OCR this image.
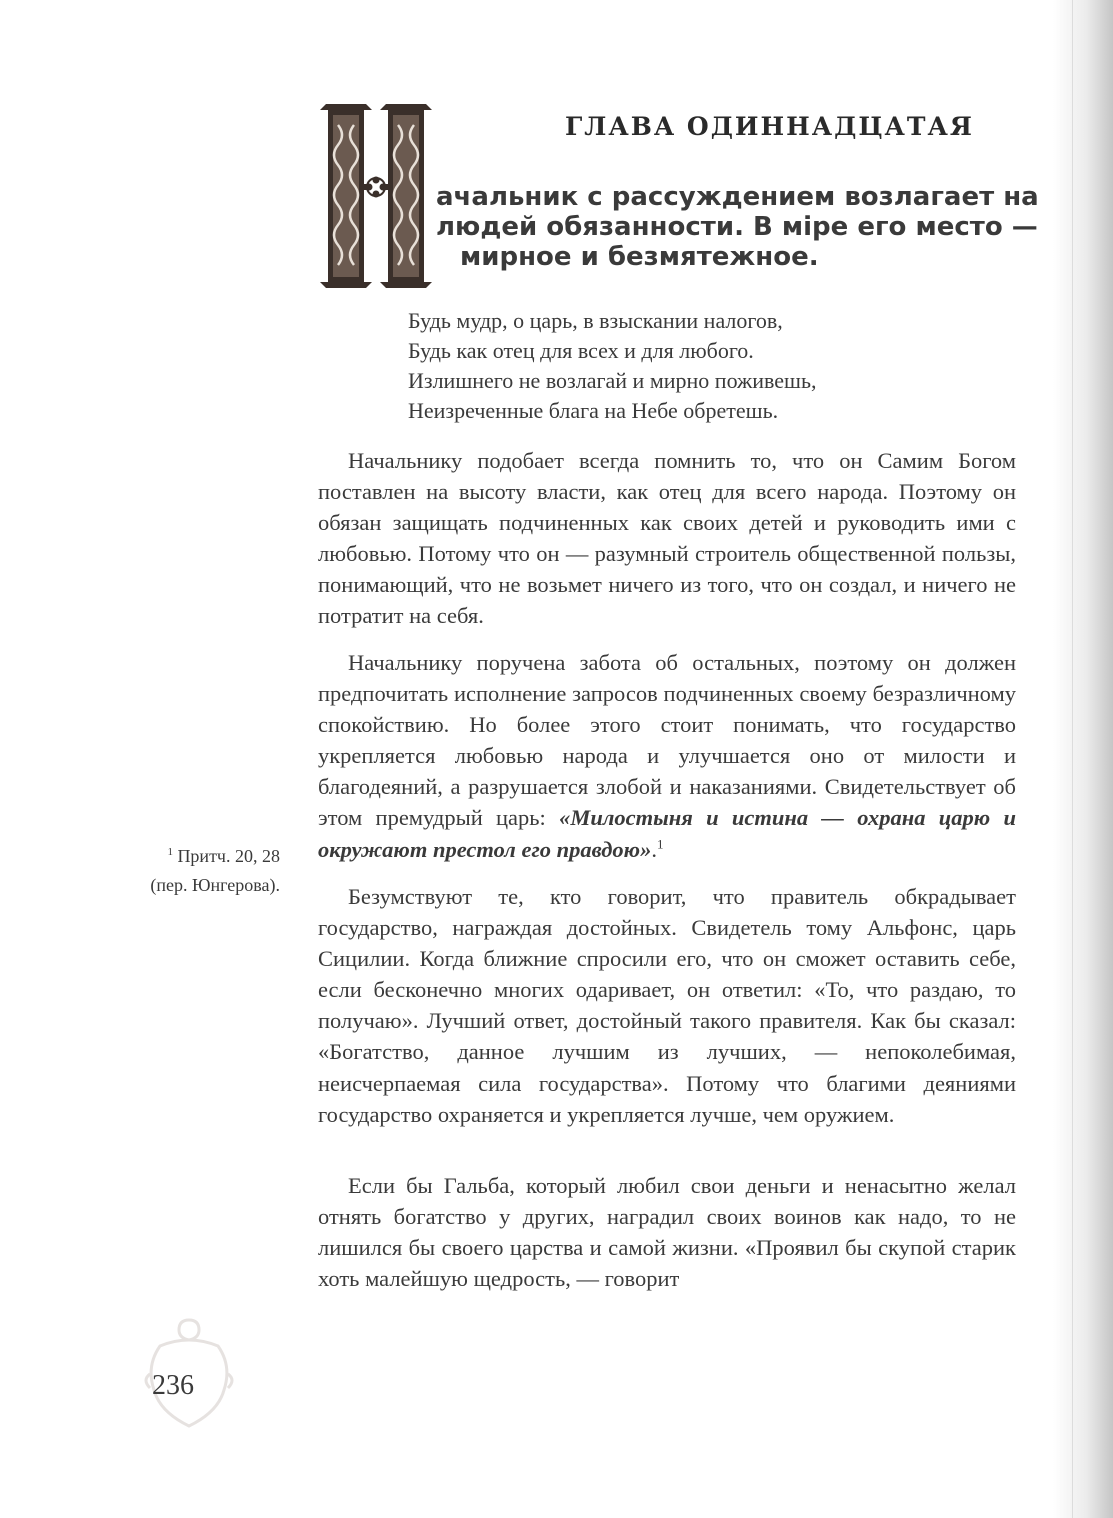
ГЛАВА ОДИННАДЦАТАЯ
ачальник с рассуждением возлагает на
людей обязанности. В міре его место —
мирное и безмятежное.
Будь мудр, о царь, в взыскании налогов,
Будь как отец для всех и для любого.
Излишнего не возлагай и мирно поживешь,
Неизреченные блага на Небе обретешь.
Начальнику подобает всегда помнить то, что он Самим Богом поставлен на высоту власти, как отец для всего народа. Поэтому он обязан защищать подчиненных как своих детей и руководить ими с любовью. Потому что он — разумный строитель общественной пользы, понимающий, что не возьмет ничего из того, что он создал, и ничего не потратит на себя.
Начальнику поручена забота об остальных, поэтому он должен предпочитать исполнение запросов подчиненных своему безразличному спокойствию. Но более этого стоит понимать, что государство укрепляется любовью народа и улучшается оно от милости и благодеяний, а разрушается злобой и наказаниями. Свидетельствует об этом премудрый царь: «Милостыня и истина — охрана царю и окружают престол его правдою».$^1$
$^1$ Притч. 20, 28
(пер. Юнгерова).	Безумствуют те, кто говорит, что правитель обкрадывает государство, награждая достойных. Свидетель тому Альфонс, царь Сицилии. Когда ближние спросили его, что он сможет оставить себе, если бесконечно многих одаривает, он ответил: «То, что раздаю, то получаю». Лучший ответ, достойный такого правителя. Как бы сказал: «Богатство, данное лучшим из лучших, — непоколебимая, неисчерпаемая сила государства». Потому что благими деяниями государство охраняется и укрепляется лучше, чем оружием.
Если бы Гальба, который любил свои деньги и ненасытно желал отнять богатство у других, наградил своих воинов как надо, то не лишился бы своего царства и самой жизни. «Проявил бы скупой старик хоть малейшую щедрость, — говорит
236
